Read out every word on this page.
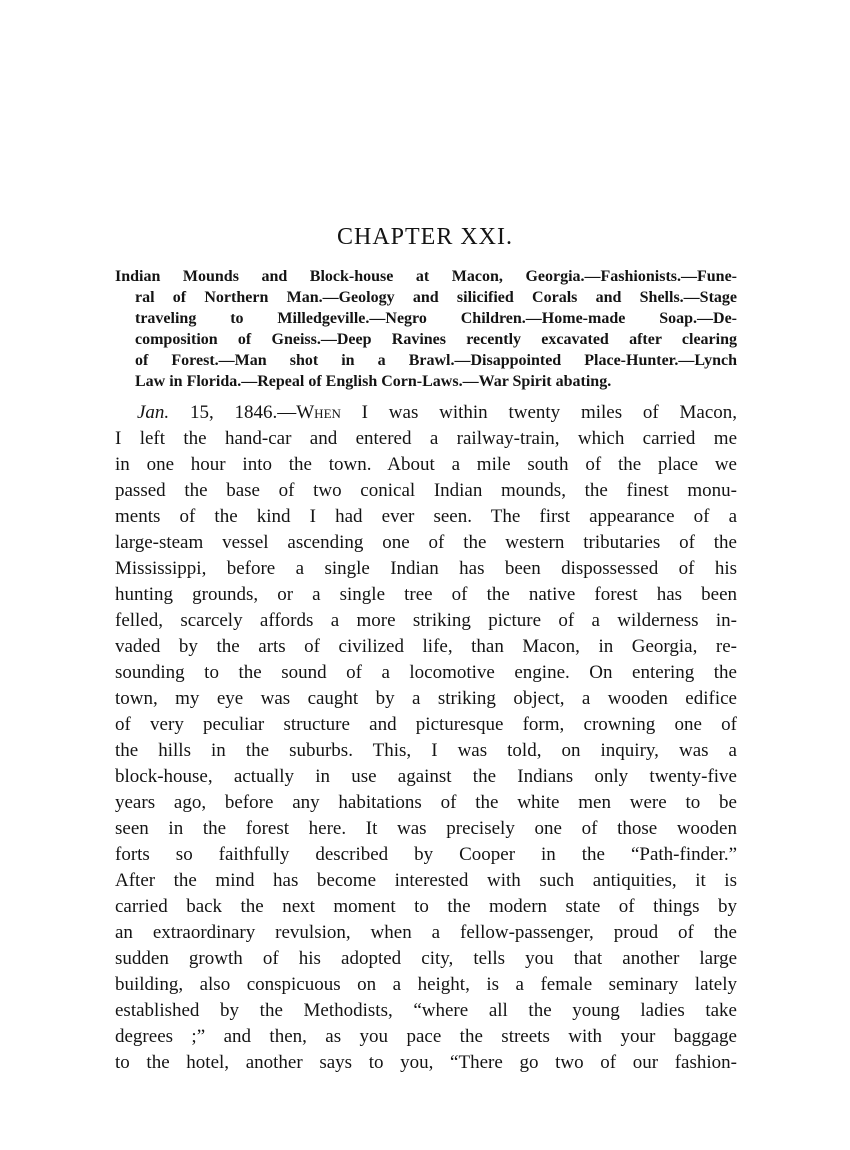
CHAPTER XXI.
Indian Mounds and Block-house at Macon, Georgia.—Fashionists.—Fune-
ral of Northern Man.—Geology and silicified Corals and Shells.—Stage
traveling to Milledgeville.—Negro Children.—Home-made Soap.—De-
composition of Gneiss.—Deep Ravines recently excavated after clearing
of Forest.—Man shot in a Brawl.—Disappointed Place-Hunter.—Lynch
Law in Florida.—Repeal of English Corn-Laws.—War Spirit abating.
Jan. 15, 1846.—When I was within twenty miles of Macon,
I left the hand-car and entered a railway-train, which carried me
in one hour into the town. About a mile south of the place we
passed the base of two conical Indian mounds, the finest monu-
ments of the kind I had ever seen. The first appearance of a
large-steam vessel ascending one of the western tributaries of the
Mississippi, before a single Indian has been dispossessed of his
hunting grounds, or a single tree of the native forest has been
felled, scarcely affords a more striking picture of a wilderness in-
vaded by the arts of civilized life, than Macon, in Georgia, re-
sounding to the sound of a locomotive engine. On entering the
town, my eye was caught by a striking object, a wooden edifice
of very peculiar structure and picturesque form, crowning one of
the hills in the suburbs. This, I was told, on inquiry, was a
block-house, actually in use against the Indians only twenty-five
years ago, before any habitations of the white men were to be
seen in the forest here. It was precisely one of those wooden
forts so faithfully described by Cooper in the “Path-finder.”
After the mind has become interested with such antiquities, it is
carried back the next moment to the modern state of things by
an extraordinary revulsion, when a fellow-passenger, proud of the
sudden growth of his adopted city, tells you that another large
building, also conspicuous on a height, is a female seminary lately
established by the Methodists, “where all the young ladies take
degrees ;” and then, as you pace the streets with your baggage
to the hotel, another says to you, “There go two of our fashion-
